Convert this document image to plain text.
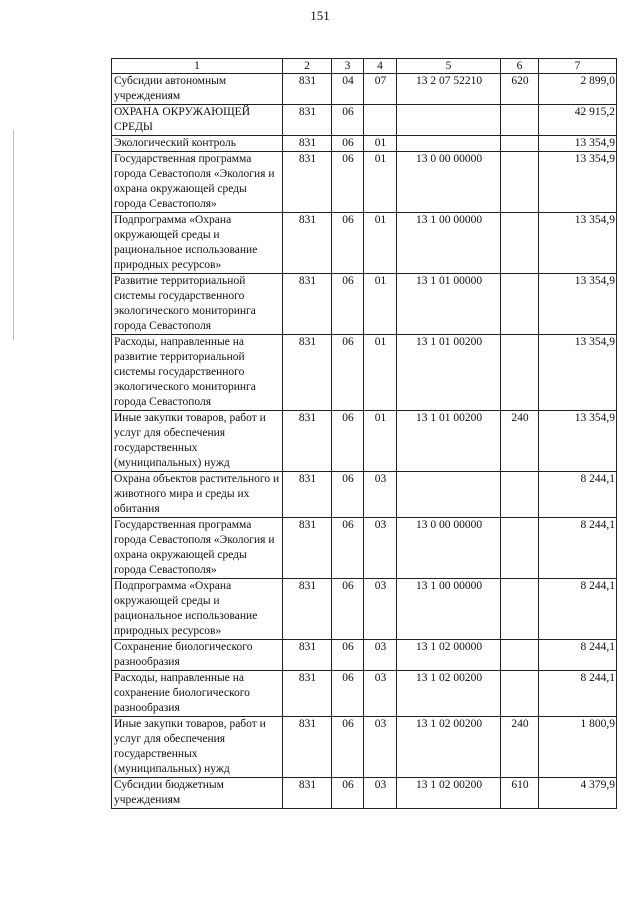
151
1	2	3	4	5	6	7
Субсидии автономным учреждениям	831	04	07	13 2 07 52210	620	2 899,0
ОХРАНА ОКРУЖАЮЩЕЙ СРЕДЫ	831	06				42 915,2
Экологический контроль	831	06	01			13 354,9
Государственная программа города Севастополя «Экология и охрана окружающей среды города Севастополя»	831	06	01	13 0 00 00000		13 354,9
Подпрограмма «Охрана окружающей среды и рациональное использование природных ресурсов»	831	06	01	13 1 00 00000		13 354,9
Развитие территориальной системы государственного экологического мониторинга города Севастополя	831	06	01	13 1 01 00000		13 354,9
Расходы, направленные на развитие территориальной системы государственного экологического мониторинга города Севастополя	831	06	01	13 1 01 00200		13 354,9
Иные закупки товаров, работ и услуг для обеспечения государственных (муниципальных) нужд	831	06	01	13 1 01 00200	240	13 354,9
Охрана объектов растительного и животного мира и среды их обитания	831	06	03			8 244,1
Государственная программа города Севастополя «Экология и охрана окружающей среды города Севастополя»	831	06	03	13 0 00 00000		8 244,1
Подпрограмма «Охрана окружающей среды и рациональное использование природных ресурсов»	831	06	03	13 1 00 00000		8 244,1
Сохранение биологического разнообразия	831	06	03	13 1 02 00000		8 244,1
Расходы, направленные на сохранение биологического разнообразия	831	06	03	13 1 02 00200		8 244,1
Иные закупки товаров, работ и услуг для обеспечения государственных (муниципальных) нужд	831	06	03	13 1 02 00200	240	1 800,9
Субсидии бюджетным учреждениям	831	06	03	13 1 02 00200	610	4 379,9
